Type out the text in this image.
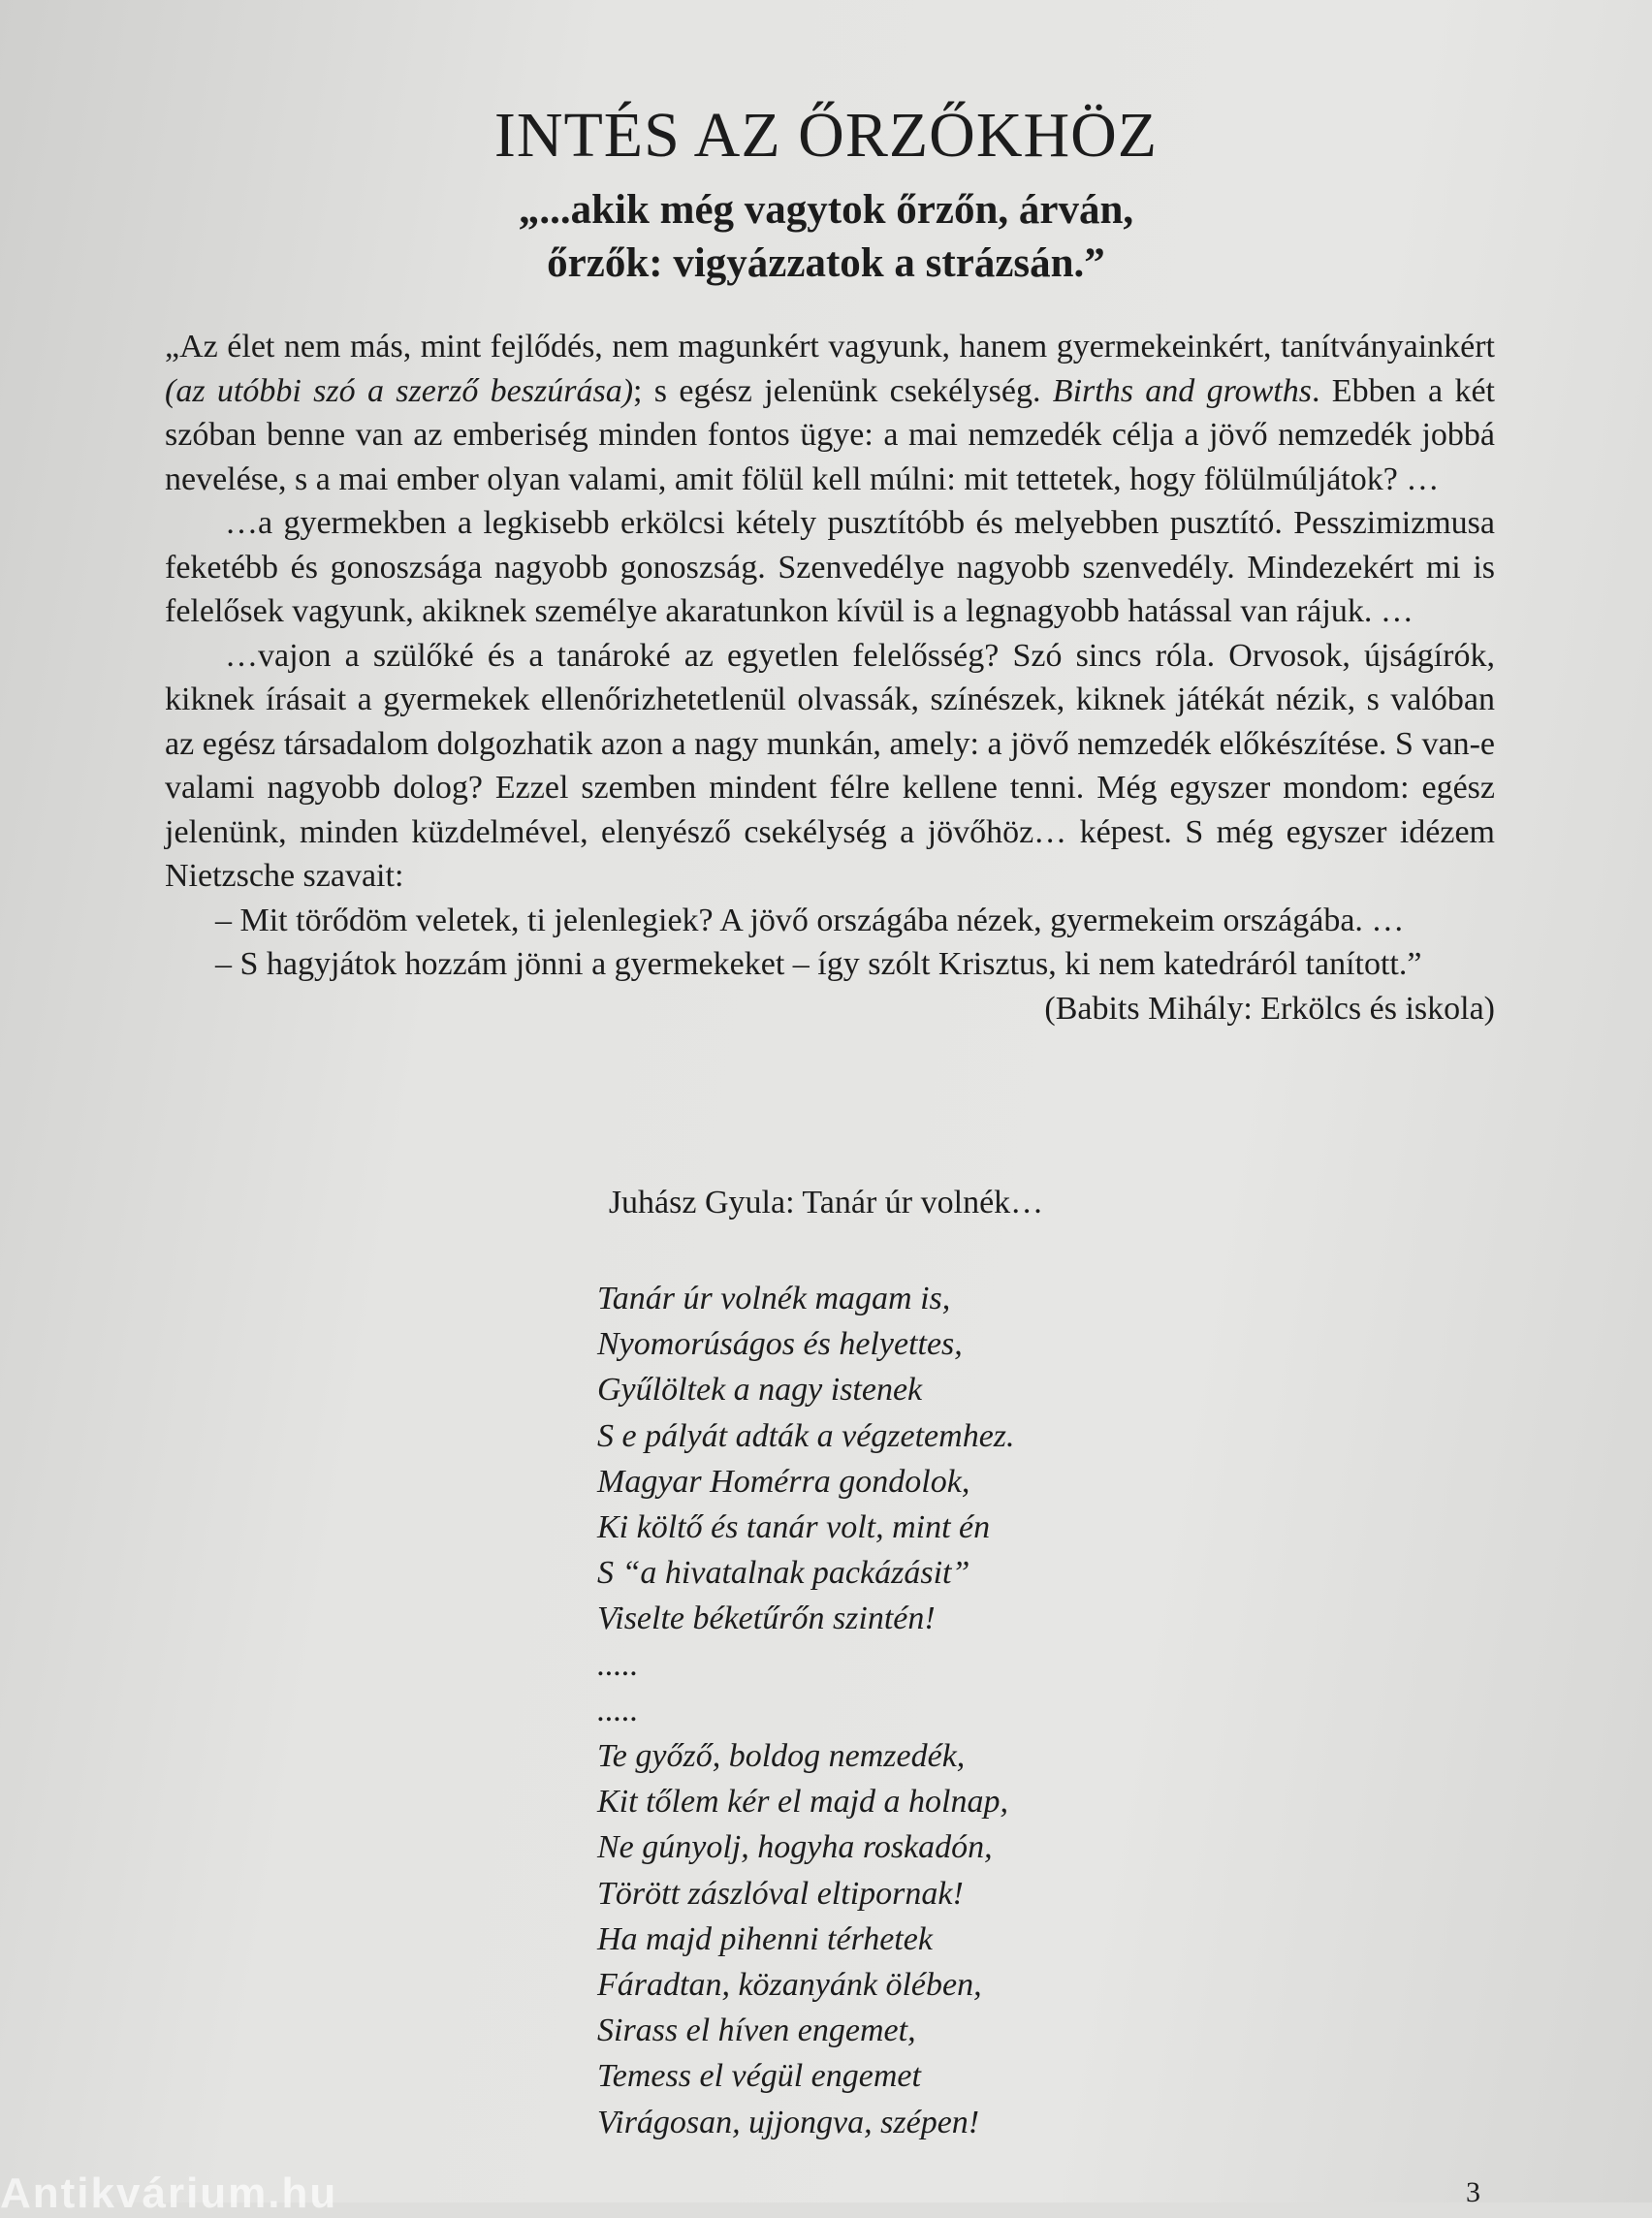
INTÉS AZ ŐRZŐKHÖZ
„...akik még vagytok őrzőn, árván,
őrzők: vigyázzatok a strázsán.”

„Az élet nem más, mint fejlődés, nem magunkért vagyunk, hanem gyermekeinkért, tanítványainkért (az utóbbi szó a szerző beszúrása); s egész jelenünk csekélység. Births and growths. Ebben a két szóban benne van az emberiség minden fontos ügye: a mai nemzedék célja a jövő nemzedék jobbá nevelése, s a mai ember olyan valami, amit fölül kell múlni: mit tettetek, hogy fölülmúljátok? …

…a gyermekben a legkisebb erkölcsi kétely pusztítóbb és melyebben pusztító. Pesszimizmusa feketébb és gonoszsága nagyobb gonoszság. Szenvedélye nagyobb szenvedély. Mindezekért mi is felelősek vagyunk, akiknek személye akaratunkon kívül is a legnagyobb hatással van rájuk. …

…vajon a szülőké és a tanároké az egyetlen felelősség? Szó sincs róla. Orvosok, újságírók, kiknek írásait a gyermekek ellenőrizhetetlenül olvassák, színészek, kiknek játékát nézik, s valóban az egész társadalom dolgozhatik azon a nagy munkán, amely: a jövő nemzedék előkészítése. S van-e valami nagyobb dolog? Ezzel szemben mindent félre kellene tenni. Még egyszer mondom: egész jelenünk, minden küzdelmével, elenyésző csekélység a jövőhöz… képest. S még egyszer idézem Nietzsche szavait:

– Mit törődöm veletek, ti jelenlegiek? A jövő országába nézek, gyermekeim országába. …

– S hagyjátok hozzám jönni a gyermekeket – így szólt Krisztus, ki nem katedráról tanított.”

(Babits Mihály: Erkölcs és iskola)

Juhász Gyula: Tanár úr volnék…
Tanár úr volnék magam is,
Nyomorúságos és helyettes,
Gyűlöltek a nagy istenek
S e pályát adták a végzetemhez.
Magyar Homérra gondolok,
Ki költő és tanár volt, mint én
S “a hivatalnak packázásit”
Viselte béketűrőn szintén!
.....
.....
Te győző, boldog nemzedék,
Kit tőlem kér el majd a holnap,
Ne gúnyolj, hogyha roskadón,
Törött zászlóval eltipornak!
Ha majd pihenni térhetek
Fáradtan, közanyánk ölében,
Sirass el híven engemet,
Temess el végül engemet
Virágosan, ujjongva, szépen!
3
Antikvárium.hu
